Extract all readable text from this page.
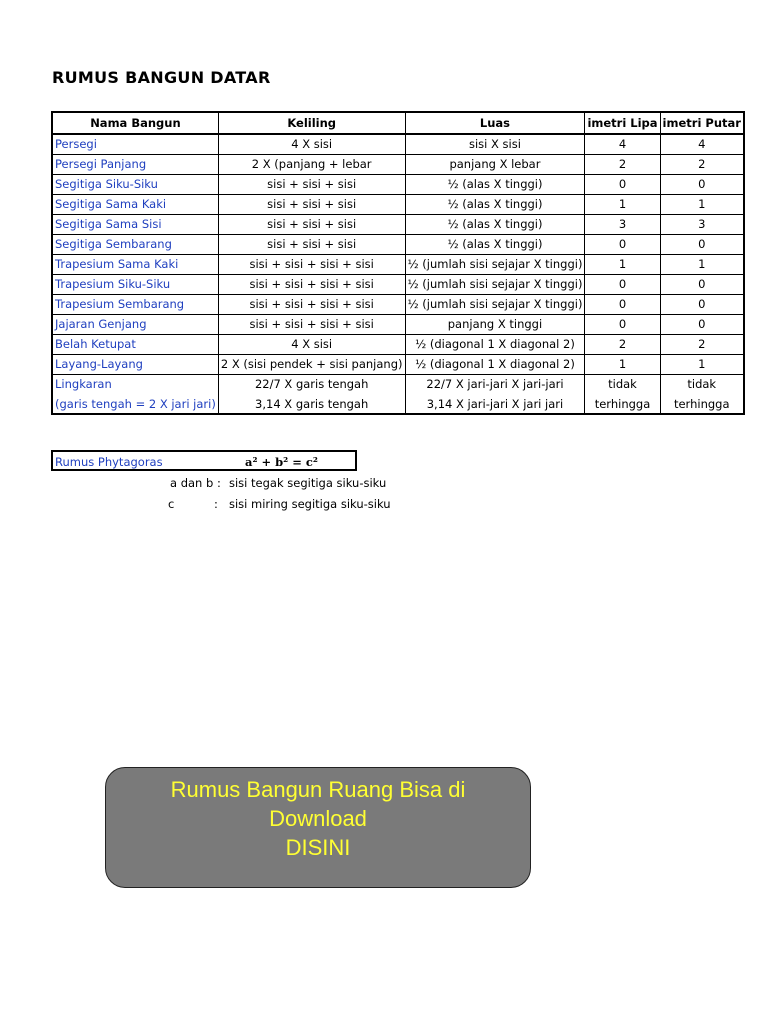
RUMUS BANGUN DATAR
Nama Bangun	Keliling	Luas	imetri Lipa	imetri Putar
Persegi	4 X sisi	sisi X sisi	4	4
Persegi Panjang	2 X (panjang + lebar	panjang X lebar	2	2
Segitiga Siku-Siku	sisi + sisi + sisi	½ (alas X tinggi)	0	0
Segitiga Sama Kaki	sisi + sisi + sisi	½ (alas X tinggi)	1	1
Segitiga Sama Sisi	sisi + sisi + sisi	½ (alas X tinggi)	3	3
Segitiga Sembarang	sisi + sisi + sisi	½ (alas X tinggi)	0	0
Trapesium Sama Kaki	sisi + sisi + sisi + sisi	½ (jumlah sisi sejajar X tinggi)	1	1
Trapesium Siku-Siku	sisi + sisi + sisi + sisi	½ (jumlah sisi sejajar X tinggi)	0	0
Trapesium Sembarang	sisi + sisi + sisi + sisi	½ (jumlah sisi sejajar X tinggi)	0	0
Jajaran Genjang	sisi + sisi + sisi + sisi	panjang X tinggi	0	0
Belah Ketupat	4 X sisi	½ (diagonal 1 X diagonal 2)	2	2
Layang-Layang	2 X (sisi pendek + sisi panjang)	½ (diagonal 1 X diagonal 2)	1	1
Lingkaran	22/7 X garis tengah	22/7 X jari-jari X jari-jari	tidak	tidak
(garis tengah = 2 X jari jari)	3,14 X garis tengah	3,14 X jari-jari X jari jari	terhingga	terhingga
Rumus Phytagoras	a² + b² = c²
a dan b : sisi tegak segitiga siku-siku
c	: sisi miring segitiga siku-siku
Rumus Bangun Ruang Bisa di
Download
DISINI
